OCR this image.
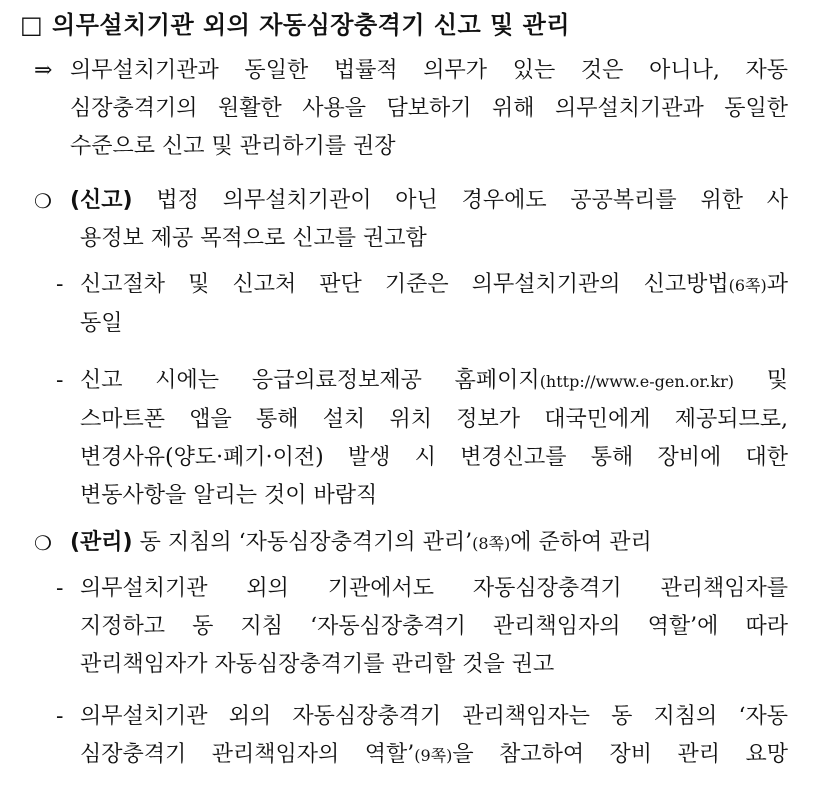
□ 의무설치기관 외의 자동심장충격기 신고 및 관리
⇒ 의무설치기관과 동일한 법률적 의무가 있는 것은 아니나, 자동
심장충격기의 원활한 사용을 담보하기 위해 의무설치기관과 동일한
수준으로 신고 및 관리하기를 권장
❍ (신고) 법정 의무설치기관이 아닌 경우에도 공공복리를 위한 사
용정보 제공 목적으로 신고를 권고함
- 신고절차 및 신고처 판단 기준은 의무설치기관의 신고방법(6쪽)과
동일
- 신고 시에는 응급의료정보제공 홈페이지(http://www.e-gen.or.kr) 및
스마트폰 앱을 통해 설치 위치 정보가 대국민에게 제공되므로,
변경사유(양도·폐기·이전) 발생 시 변경신고를 통해 장비에 대한
변동사항을 알리는 것이 바람직
❍ (관리) 동 지침의 ‘자동심장충격기의 관리’(8쪽)에 준하여 관리
- 의무설치기관 외의 기관에서도 자동심장충격기 관리책임자를
지정하고 동 지침 ‘자동심장충격기 관리책임자의 역할’에 따라
관리책임자가 자동심장충격기를 관리할 것을 권고
- 의무설치기관 외의 자동심장충격기 관리책임자는 동 지침의 ‘자동
심장충격기 관리책임자의 역할’(9쪽)을 참고하여 장비 관리 요망
